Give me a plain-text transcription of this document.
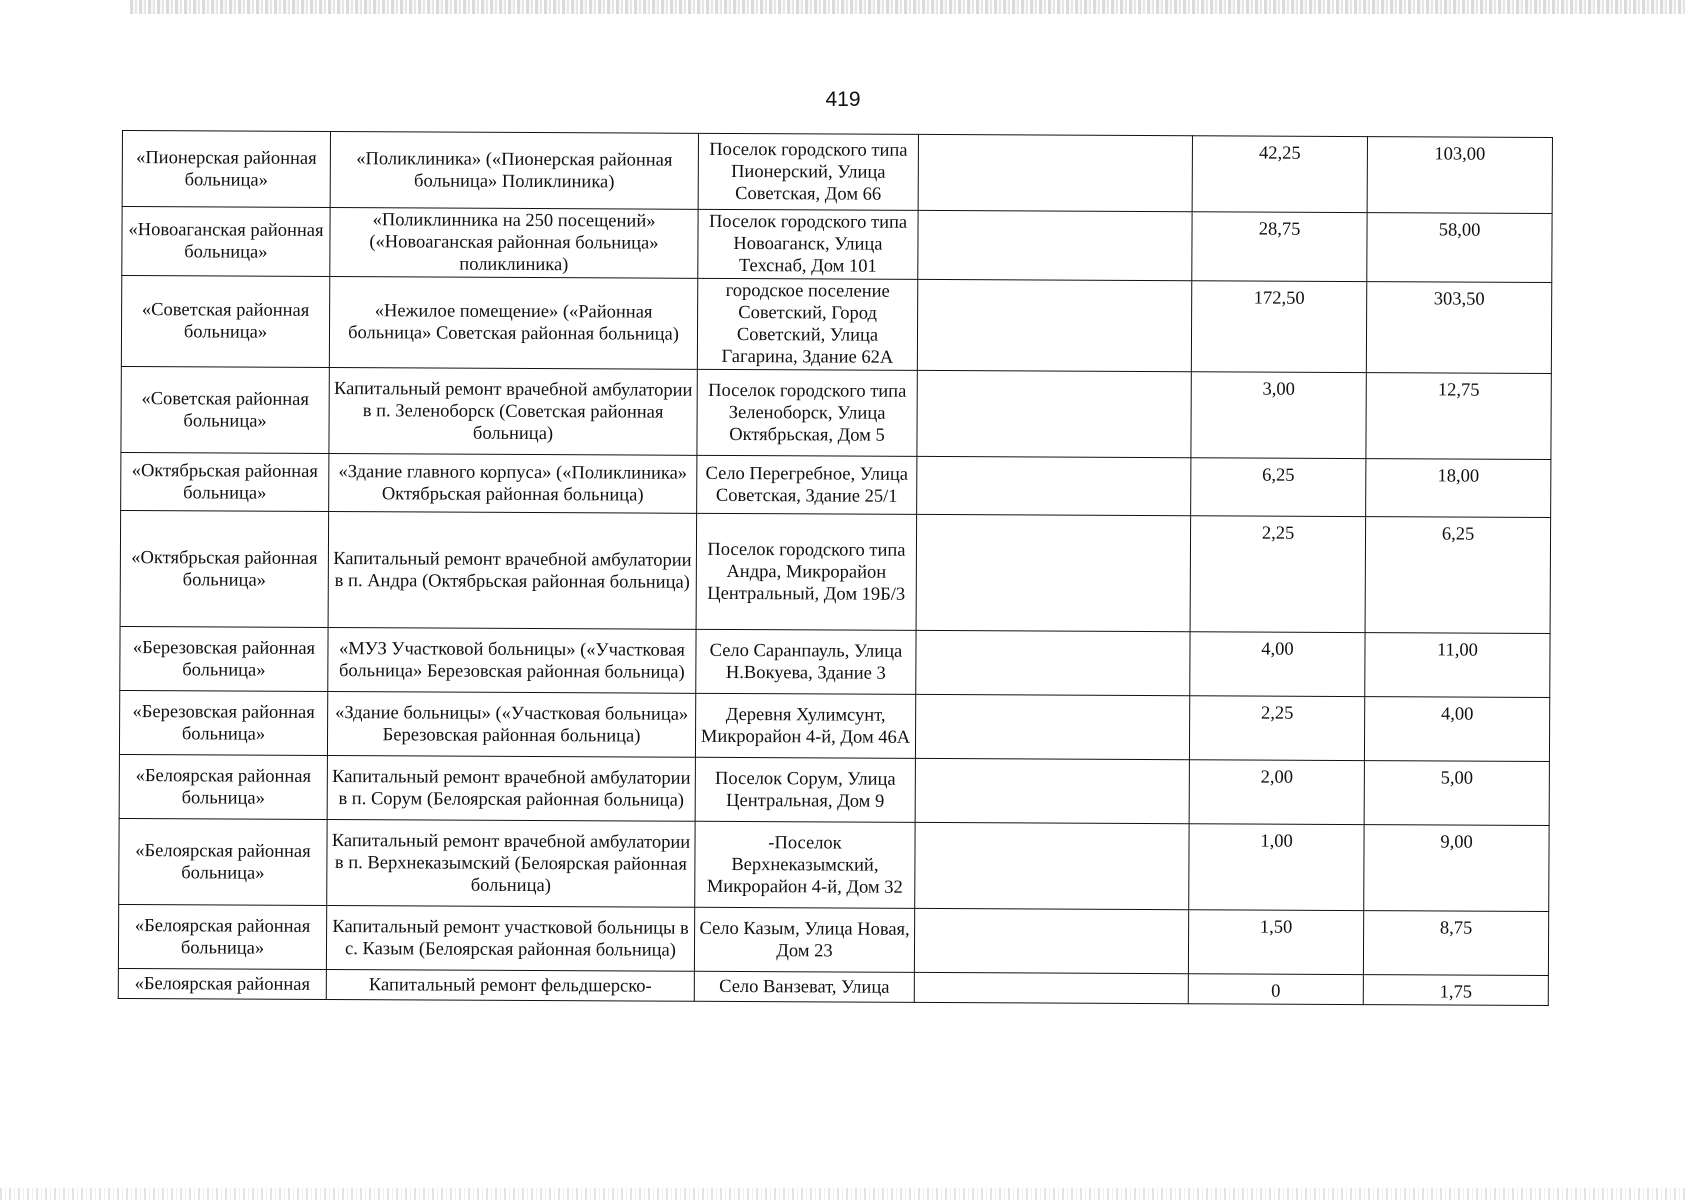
419
«Пионерская районная больница»	«Поликлиника» («Пионерская районная больница» Поликлиника)	Поселок городского типа Пионерский, Улица Советская, Дом 66		42,25	103,00
«Новоаганская районная больница»	«Поликлинника на 250 посещений» («Новоаганская районная больница» поликлиника)	Поселок городского типа Новоаганск, Улица Техснаб, Дом 101		28,75	58,00
«Советская районная больница»	«Нежилое помещение» («Районная больница» Советская районная больница)	городское поселение Советский, Город Советский, Улица Гагарина, Здание 62А		172,50	303,50
«Советская районная больница»	Капитальный ремонт врачебной амбулатории в п. Зеленоборск (Советская районная больница)	Поселок городского типа Зеленоборск, Улица Октябрьская, Дом 5		3,00	12,75
«Октябрьская районная больница»	«Здание главного корпуса» («Поликлиника» Октябрьская районная больница)	Село Перегребное, Улица Советская, Здание 25/1		6,25	18,00
«Октябрьская районная больница»	Капитальный ремонт врачебной амбулатории в п. Андра (Октябрьская районная больница)	Поселок городского типа Андра, Микрорайон Центральный, Дом 19Б/3		2,25	6,25
«Березовская районная больница»	«МУЗ Участковой больницы» («Участковая больница» Березовская районная больница)	Село Саранпауль, Улица Н.Вокуева, Здание 3		4,00	11,00
«Березовская районная больница»	«Здание больницы» («Участковая больница» Березовская районная больница)	Деревня Хулимсунт, Микрорайон 4-й, Дом 46А		2,25	4,00
«Белоярская районная больница»	Капитальный ремонт врачебной амбулатории в п. Сорум (Белоярская районная больница)	Поселок Сорум, Улица Центральная, Дом 9		2,00	5,00
«Белоярская районная больница»	Капитальный ремонт врачебной амбулатории в п. Верхнеказымский (Белоярская районная больница)	-Поселок Верхнеказымский, Микрорайон 4-й, Дом 32		1,00	9,00
«Белоярская районная больница»	Капитальный ремонт участковой больницы в с. Казым (Белоярская районная больница)	Село Казым, Улица Новая, Дом 23		1,50	8,75
«Белоярская районная	Капитальный ремонт фельдшерско-	Село Ванзеват, Улица		0	1,75
